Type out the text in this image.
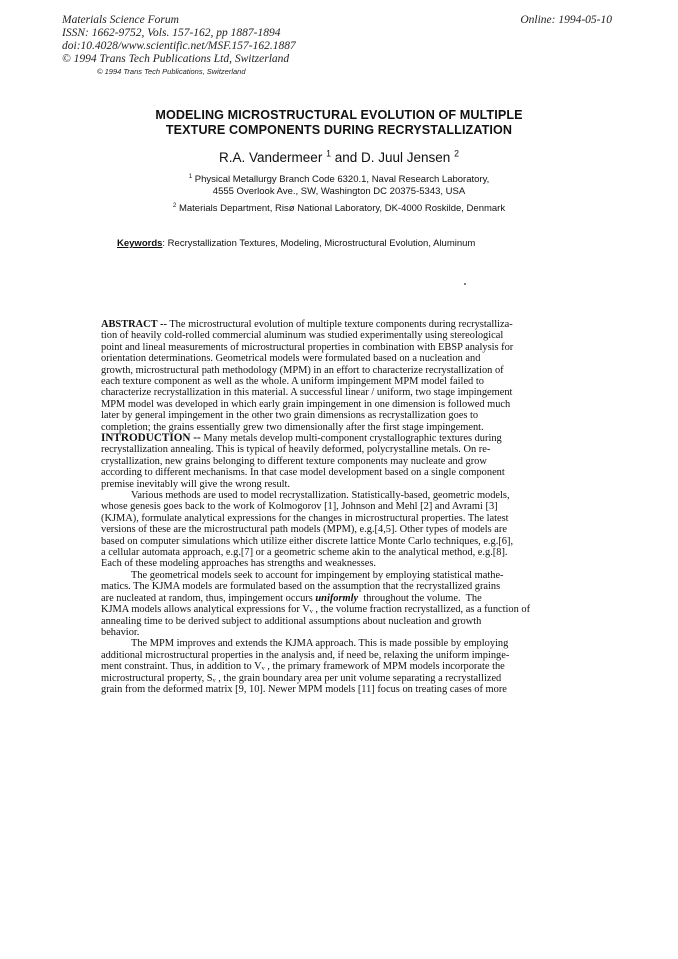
Materials Science Forum
ISSN: 1662-9752, Vols. 157-162, pp 1887-1894
doi:10.4028/www.scientific.net/MSF.157-162.1887
© 1994 Trans Tech Publications Ltd, Switzerland
Online: 1994-05-10
© 1994 Trans Tech Publications, Switzerland
MODELING MICROSTRUCTURAL EVOLUTION OF MULTIPLE
TEXTURE COMPONENTS DURING RECRYSTALLIZATION
R.A. Vandermeer $^1$ and D. Juul Jensen $^2$
$^1$ Physical Metallurgy Branch Code 6320.1, Naval Research Laboratory,
4555 Overlook Ave., SW, Washington DC 20375-5343, USA
$^2$ Materials Department, Risø National Laboratory, DK-4000 Roskilde, Denmark
Keywords: Recrystallization Textures, Modeling, Microstructural Evolution, Aluminum
ABSTRACT -- The microstructural evolution of multiple texture components during recrystalliza-
tion of heavily cold-rolled commercial aluminum was studied experimentally using stereological
point and lineal measurements of microstructural properties in combination with EBSP analysis for
orientation determinations. Geometrical models were formulated based on a nucleation and
growth, microstructural path methodology (MPM) in an effort to characterize recrystallization of
each texture component as well as the whole. A uniform impingement MPM model failed to
characterize recrystallization in this material. A successful linear / uniform, two stage impingement
MPM model was developed in which early grain impingement in one dimension is followed much
later by general impingement in the other two grain dimensions as recrystallization goes to
completion; the grains essentially grew two dimensionally after the first stage impingement.
INTRODUCTION -- Many metals develop multi-component crystallographic textures during
recrystallization annealing. This is typical of heavily deformed, polycrystalline metals. On re-
crystallization, new grains belonging to different texture components may nucleate and grow
according to different mechanisms. In that case model development based on a single component
premise inevitably will give the wrong result.
Various methods are used to model recrystallization. Statistically-based, geometric models,
whose genesis goes back to the work of Kolmogorov [1], Johnson and Mehl [2] and Avrami [3]
(KJMA), formulate analytical expressions for the changes in microstructural properties. The latest
versions of these are the microstructural path models (MPM), e.g.[4,5]. Other types of models are
based on computer simulations which utilize either discrete lattice Monte Carlo techniques, e.g.[6],
a cellular automata approach, e.g.[7] or a geometric scheme akin to the analytical method, e.g.[8].
Each of these modeling approaches has strengths and weaknesses.
The geometrical models seek to account for impingement by employing statistical mathe-
matics. The KJMA models are formulated based on the assumption that the recrystallized grains
are nucleated at random, thus, impingement occurs uniformly  throughout the volume.  The
KJMA models allows analytical expressions for Vᵥ , the volume fraction recrystallized, as a function of
annealing time to be derived subject to additional assumptions about nucleation and growth
behavior.
The MPM improves and extends the KJMA approach. This is made possible by employing
additional microstructural properties in the analysis and, if need be, relaxing the uniform impinge-
ment constraint. Thus, in addition to Vᵥ , the primary framework of MPM models incorporate the
microstructural property, Sᵥ , the grain boundary area per unit volume separating a recrystallized
grain from the deformed matrix [9, 10]. Newer MPM models [11] focus on treating cases of more
